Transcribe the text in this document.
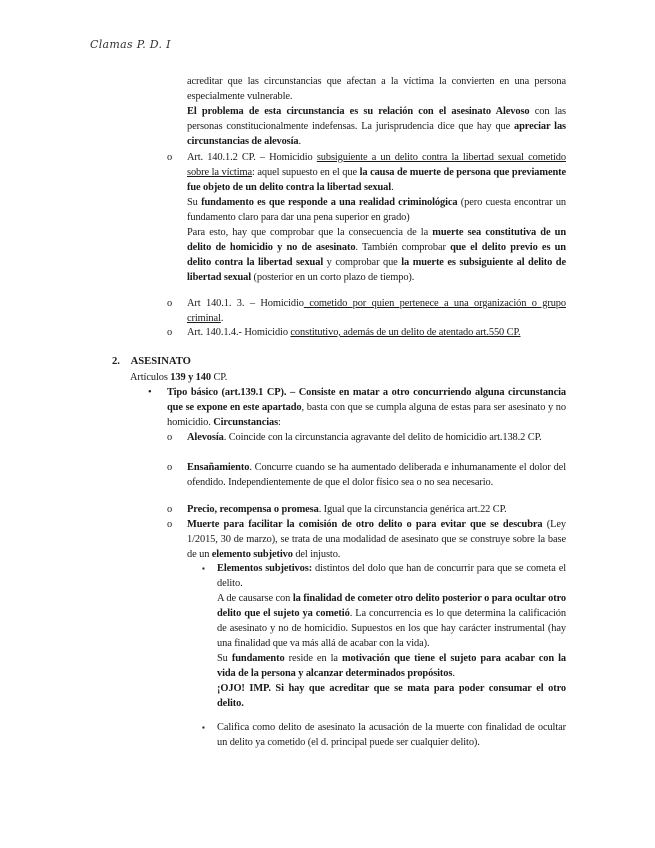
Clamas P. D. I

acreditar que las circunstancias que afectan a la víctima la convierten en una persona especialmente vulnerable.

El problema de esta circunstancia es su relación con el asesinato Alevoso con las personas constitucionalmente indefensas. La jurisprudencia dice que hay que apreciar las circunstancias de alevosía.

o Art. 140.1.2 CP. – Homicidio subsiguiente a un delito contra la libertad sexual cometido sobre la víctima: aquel supuesto en el que la causa de muerte de persona que previamente fue objeto de un delito contra la libertad sexual.

Su fundamento es que responde a una realidad criminológica (pero cuesta encontrar un fundamento claro para dar una pena superior en grado)

Para esto, hay que comprobar que la consecuencia de la muerte sea constitutiva de un delito de homicidio y no de asesinato. También comprobar que el delito previo es un delito contra la libertad sexual y comprobar que la muerte es subsiguiente al delito de libertad sexual (posterior en un corto plazo de tiempo).

o Art 140.1. 3. – Homicidio cometido por quien pertenece a una organización o grupo criminal.

o Art. 140.1.4.- Homicidio constitutivo, además de un delito de atentado art.550 CP.

2. ASESINATO
Artículos 139 y 140 CP.
• Tipo básico (art.139.1 CP). – Consiste en matar a otro concurriendo alguna circunstancia que se expone en este apartado, basta con que se cumpla alguna de estas para ser asesinato y no homicidio. Circunstancias:

o Alevosía. Coincide con la circunstancia agravante del delito de homicidio art.138.2 CP.

o Ensañamiento. Concurre cuando se ha aumentado deliberada e inhumanamente el dolor del ofendido. Independientemente de que el dolor físico sea o no sea necesario.

o Precio, recompensa o promesa. Igual que la circunstancia genérica art.22 CP.

o Muerte para facilitar la comisión de otro delito o para evitar que se descubra (Ley 1/2015, 30 de marzo), se trata de una modalidad de asesinato que se construye sobre la base de un elemento subjetivo del injusto.

▪ Elementos subjetivos: distintos del dolo que han de concurrir para que se cometa el delito.

A de causarse con la finalidad de cometer otro delito posterior o para ocultar otro delito que el sujeto ya cometió. La concurrencia es lo que determina la calificación de asesinato y no de homicidio. Supuestos en los que hay carácter instrumental (hay una finalidad que va más allá de acabar con la vida).

Su fundamento reside en la motivación que tiene el sujeto para acabar con la vida de la persona y alcanzar determinados propósitos.

¡OJO! IMP. Si hay que acreditar que se mata para poder consumar el otro delito.

▪ Califica como delito de asesinato la acusación de la muerte con finalidad de ocultar un delito ya cometido (el d. principal puede ser cualquier delito).
